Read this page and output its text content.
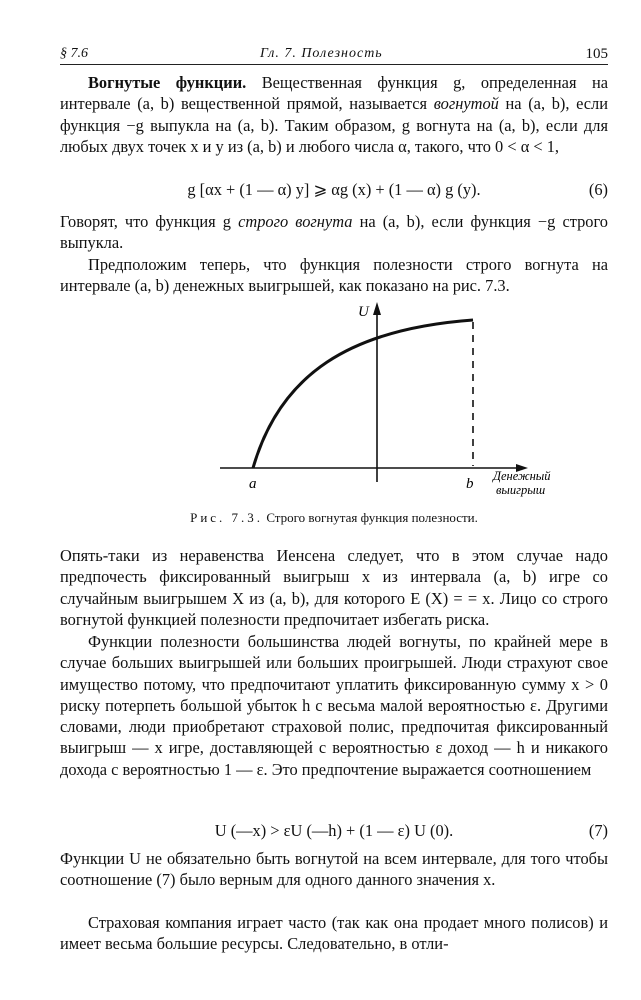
§ 7.6	Гл. 7. Полезность	105

Вогнутые функции. Вещественная функция g, определенная на интервале (a, b) вещественной прямой, называется вогнутой на (a, b), если функция −g выпукла на (a, b). Таким образом, g вогнута на (a, b), если для любых двух точек x и y из (a, b) и любого числа α, такого, что 0 < α < 1,

g [αx + (1 — α) y] ⩾ αg (x) + (1 — α) g (y).	(6)

Говорят, что функция g строго вогнута на (a, b), если функция −g строго выпукла.

Предположим теперь, что функция полезности строго вогнута на интервале (a, b) денежных выигрышей, как показано на рис. 7.3.

U
a	b Денежный
выигрыш
Рис. 7.3. Строго вогнутая функция полезности.

Опять-таки из неравенства Иенсена следует, что в этом случае надо предпочесть фиксированный выигрыш x из интервала (a, b) игре со случайным выигрышем X из (a, b), для которого E (X) = = x. Лицо со строго вогнутой функцией полезности предпочитает избегать риска.

Функции полезности большинства людей вогнуты, по крайней мере в случае больших выигрышей или больших проигрышей. Люди страхуют свое имущество потому, что предпочитают уплатить фиксированную сумму x > 0 риску потерпеть большой убыток h с весьма малой вероятностью ε. Другими словами, люди приобретают страховой полис, предпочитая фиксированный выигрыш — x игре, доставляющей с вероятностью ε доход — h и никакого дохода с вероятностью 1 — ε. Это предпочтение выражается соотношением

U (—x) > εU (—h) + (1 — ε) U (0).	(7)

Функции U не обязательно быть вогнутой на всем интервале, для того чтобы соотношение (7) было верным для одного данного значения x.

Страховая компания играет часто (так как она продает много полисов) и имеет весьма большие ресурсы. Следовательно, в отли-
